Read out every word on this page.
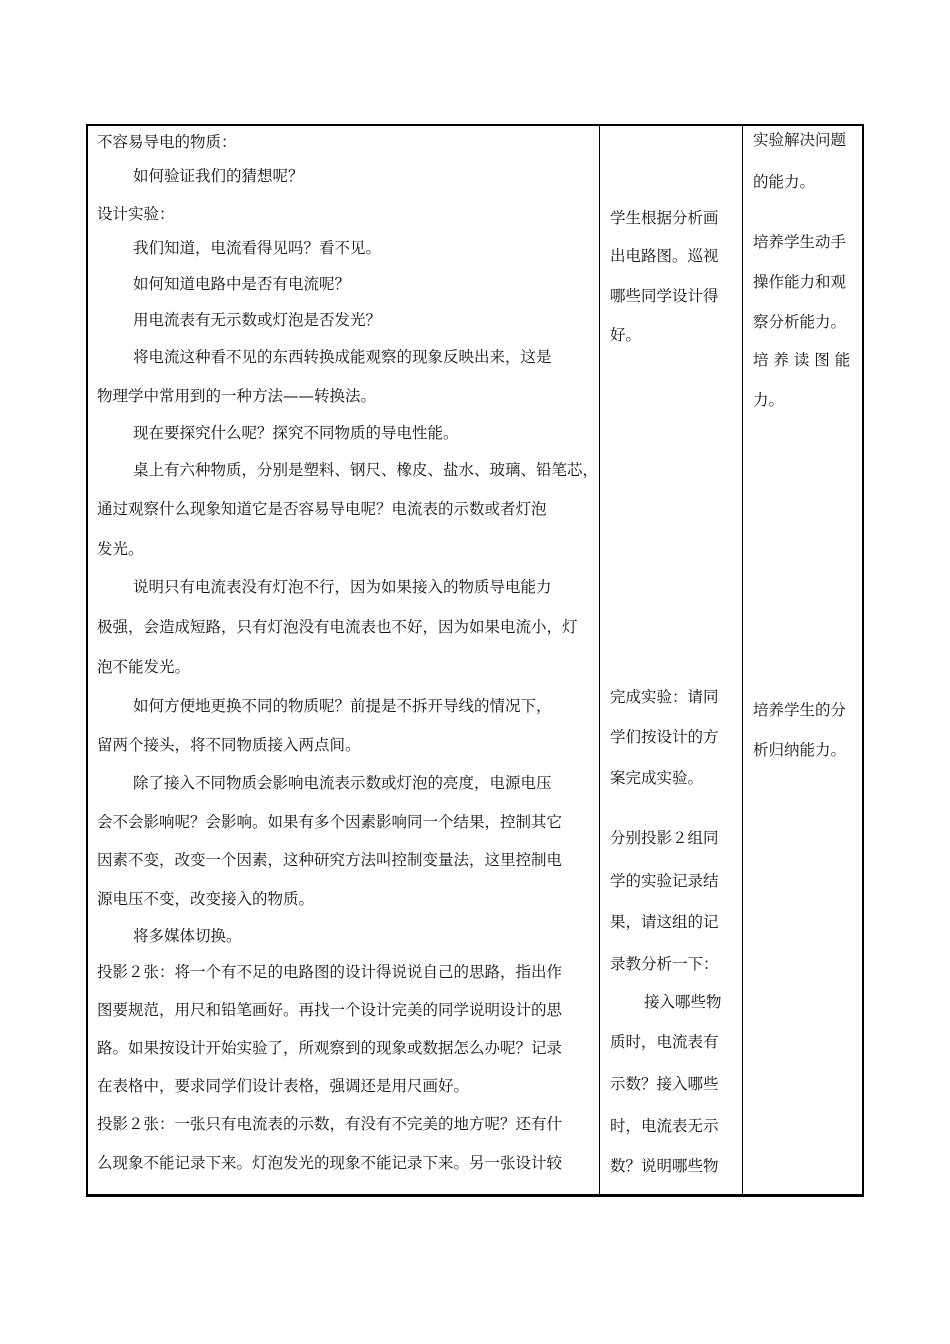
不容易导电的物质：
如何验证我们的猜想呢？
设计实验：
我们知道，电流看得见吗？看不见。
如何知道电路中是否有电流呢？
用电流表有无示数或灯泡是否发光？
将电流这种看不见的东西转换成能观察的现象反映出来，这是
物理学中常用到的一种方法——转换法。
现在要探究什么呢？探究不同物质的导电性能。
桌上有六种物质，分别是塑料、钢尺、橡皮、盐水、玻璃、铅笔芯，
通过观察什么现象知道它是否容易导电呢？电流表的示数或者灯泡
发光。
说明只有电流表没有灯泡不行，因为如果接入的物质导电能力
极强，会造成短路，只有灯泡没有电流表也不好，因为如果电流小，灯
泡不能发光。
如何方便地更换不同的物质呢？前提是不拆开导线的情况下，
留两个接头，将不同物质接入两点间。
除了接入不同物质会影响电流表示数或灯泡的亮度，电源电压
会不会影响呢？会影响。如果有多个因素影响同一个结果，控制其它
因素不变，改变一个因素，这种研究方法叫控制变量法，这里控制电
源电压不变，改变接入的物质。
将多媒体切换。
投影２张：将一个有不足的电路图的设计得说说自己的思路，指出作
图要规范，用尺和铅笔画好。再找一个设计完美的同学说明设计的思
路。如果按设计开始实验了，所观察到的现象或数据怎么办呢？记录
在表格中，要求同学们设计表格，强调还是用尺画好。
投影２张：一张只有电流表的示数，有没有不完美的地方呢？还有什
么现象不能记录下来。灯泡发光的现象不能记录下来。另一张设计较
学生根据分析画
出电路图。巡视
哪些同学设计得
好。
完成实验：请同
学们按设计的方
案完成实验。
分别投影２组同
学的实验记录结
果，请这组的记
录教分析一下：
接入哪些物
质时，电流表有
示数？接入哪些
时，电流表无示
数？说明哪些物
实验解决问题
的能力。
培养学生动手
操作能力和观
察分析能力。
培 养 读 图 能
力。
培养学生的分
析归纳能力。
